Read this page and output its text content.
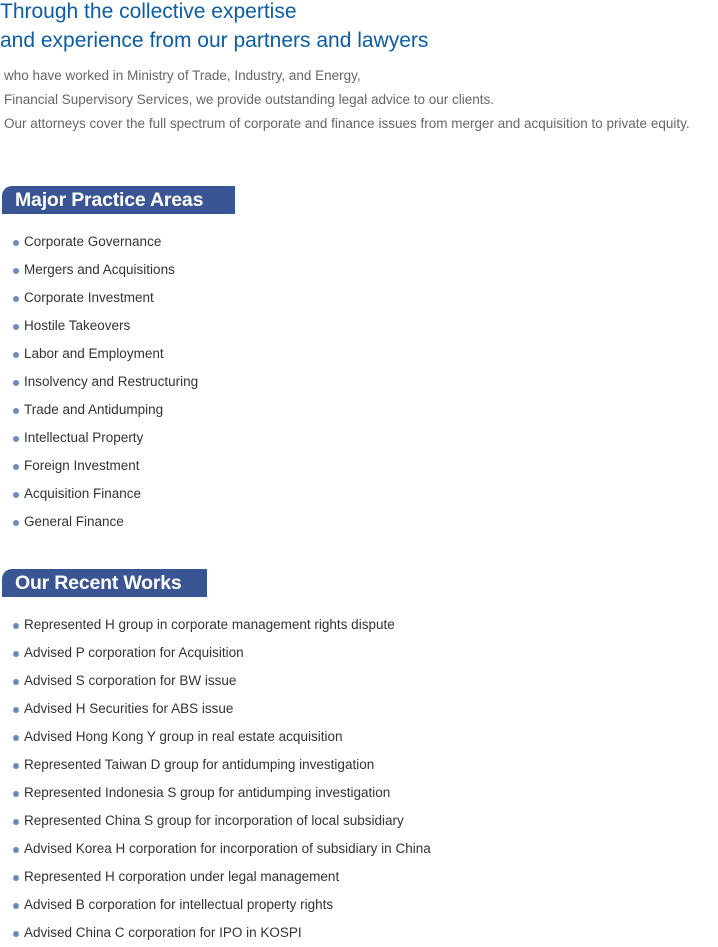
Through the collective expertise
and experience from our partners and lawyers

who have worked in Ministry of Trade, Industry, and Energy,
Financial Supervisory Services, we provide outstanding legal advice to our clients.
Our attorneys cover the full spectrum of corporate and finance issues from merger and acquisition to private equity.

Major Practice Areas
Corporate Governance
Mergers and Acquisitions
Corporate Investment
Hostile Takeovers
Labor and Employment
Insolvency and Restructuring
Trade and Antidumping
Intellectual Property
Foreign Investment
Acquisition Finance
General Finance
Our Recent Works
Represented H group in corporate management rights dispute
Advised P corporation for Acquisition
Advised S corporation for BW issue
Advised H Securities for ABS issue
Advised Hong Kong Y group in real estate acquisition
Represented Taiwan D group for antidumping investigation
Represented Indonesia S group for antidumping investigation
Represented China S group for incorporation of local subsidiary
Advised Korea H corporation for incorporation of subsidiary in China
Represented H corporation under legal management
Advised B corporation for intellectual property rights
Advised China C corporation for IPO in KOSPI
